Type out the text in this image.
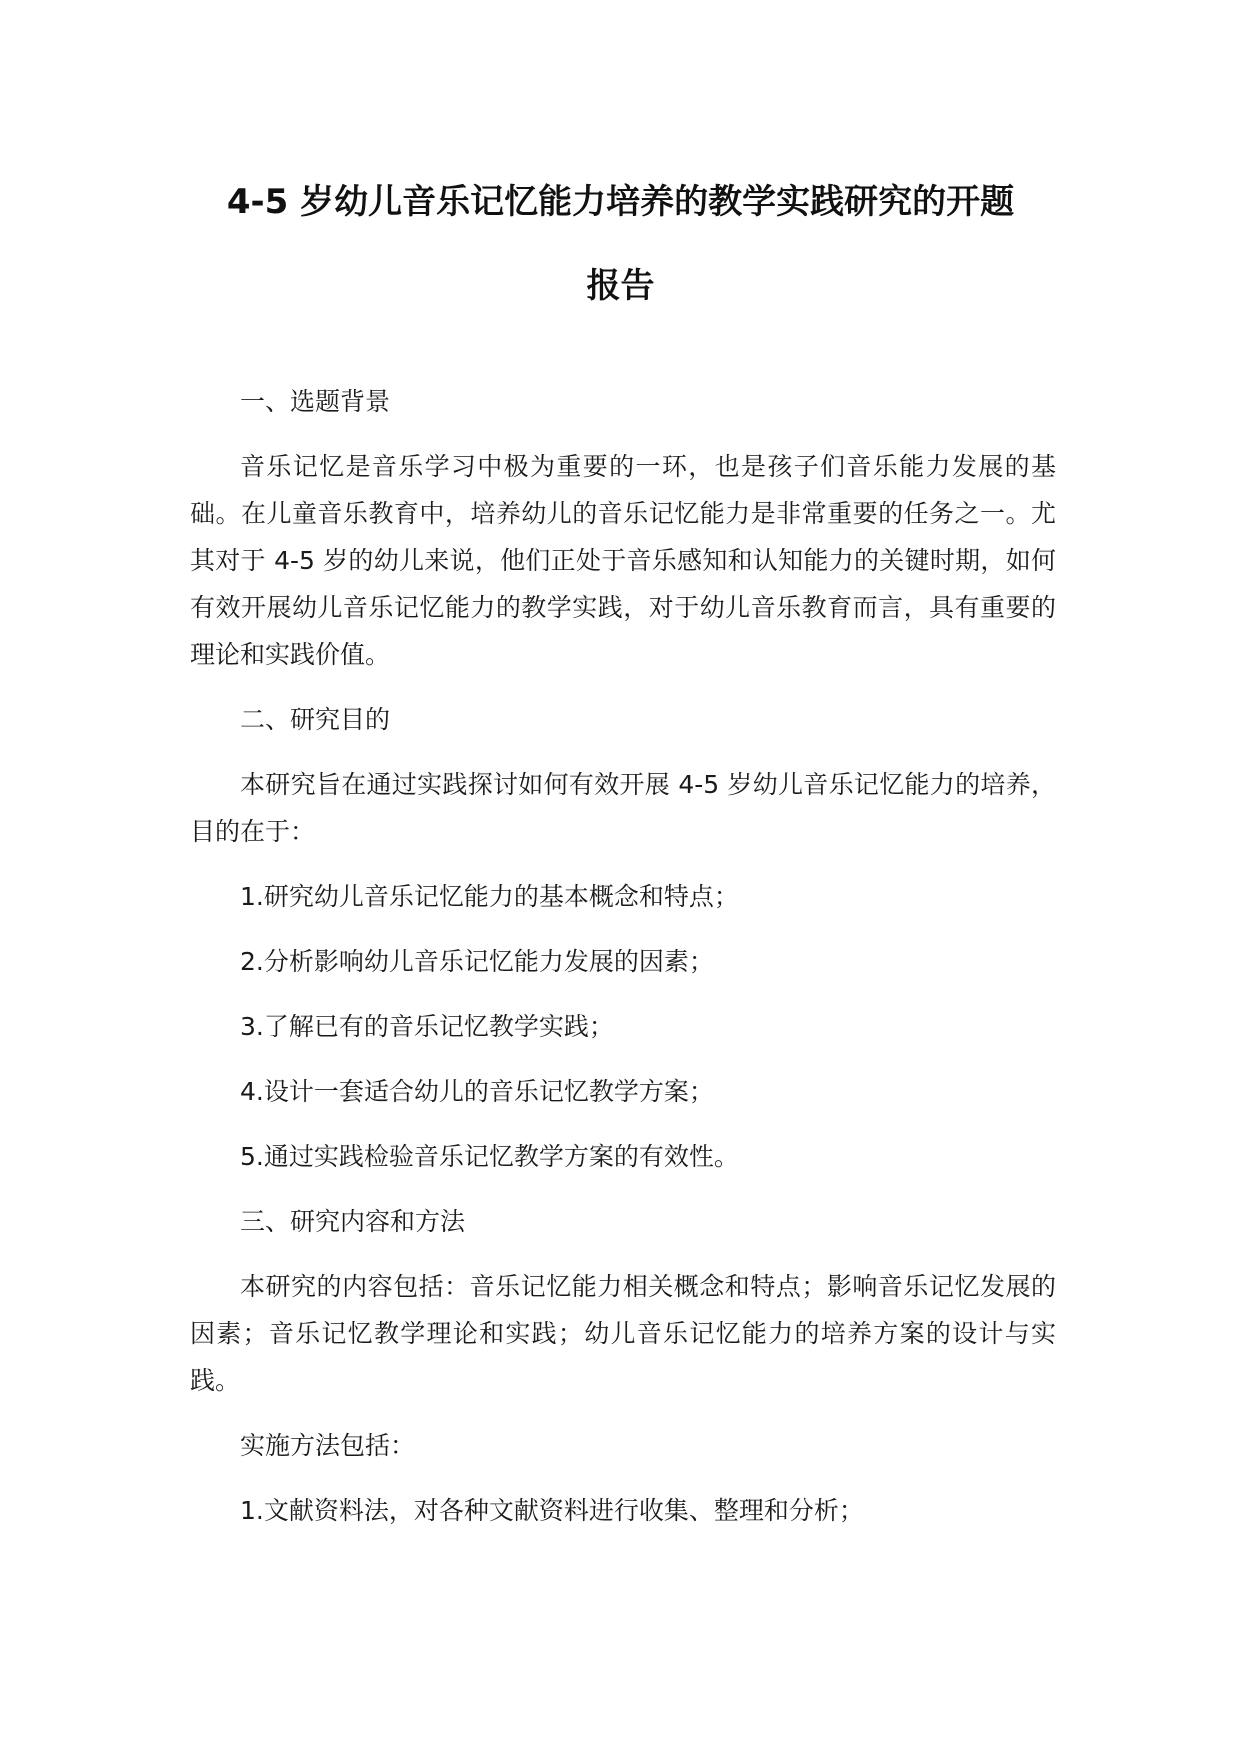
4-5 岁幼儿音乐记忆能力培养的教学实践研究的开题
报告

一、选题背景

音乐记忆是音乐学习中极为重要的一环，也是孩子们音乐能力发展的基础。在儿童音乐教育中，培养幼儿的音乐记忆能力是非常重要的任务之一。尤其对于 4-5 岁的幼儿来说，他们正处于音乐感知和认知能力的关键时期，如何有效开展幼儿音乐记忆能力的教学实践，对于幼儿音乐教育而言，具有重要的理论和实践价值。

二、研究目的

本研究旨在通过实践探讨如何有效开展 4-5 岁幼儿音乐记忆能力的培养，目的在于：

1.研究幼儿音乐记忆能力的基本概念和特点；

2.分析影响幼儿音乐记忆能力发展的因素；

3.了解已有的音乐记忆教学实践；

4.设计一套适合幼儿的音乐记忆教学方案；

5.通过实践检验音乐记忆教学方案的有效性。

三、研究内容和方法

本研究的内容包括：音乐记忆能力相关概念和特点；影响音乐记忆发展的因素；音乐记忆教学理论和实践；幼儿音乐记忆能力的培养方案的设计与实践。

实施方法包括：

1.文献资料法，对各种文献资料进行收集、整理和分析；
